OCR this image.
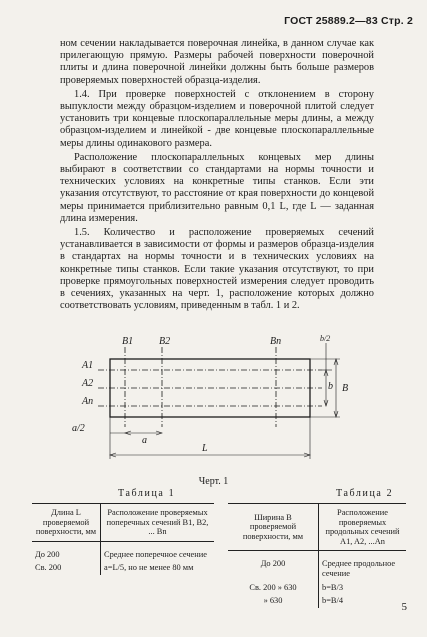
ГОСТ 25889.2—83 Стр. 2

ном сечении накладывается поверочная линейка, в данном случае как прилегающую прямую. Размеры рабочей поверхности поверочной плиты и длина поверочной линейки должны быть больше размеров проверяемых поверхностей образца-изделия.

1.4. При проверке поверхностей с отклонением в сторону выпуклости между образцом-изделием и поверочной плитой следует установить три концевые плоскопараллельные меры длины, а между образцом-изделием и линейкой - две концевые плоскопараллельные меры длины одинакового размера.

Расположение плоскопараллельных концевых мер длины выбирают в соответствии со стандартами на нормы точности и технических условиях на конкретные типы станков. Если эти указания отсутствуют, то расстояние от края поверхности до концевой меры принимается приблизительно равным 0,1 L, где L — заданная длина измерения.

1.5. Количество и расположение проверяемых сечений устанавливается в зависимости от формы и размеров образца-изделия в стандартах на нормы точности и в технических условиях на конкретные типы станков. Если такие указания отсутствуют, то при проверке прямоугольных поверхностей измерения следует проводить в сечениях, указанных на черт. 1, расположение которых должно соответствовать условиям, приведенным в табл. 1 и 2.

B1	B2	Bn	b/2
A1
A2
An
b B
a/2
a
L
Черт. 1
Таблица 1	Таблица 2
Длина L проверяемой поверхности, мм	Расположение проверяемых поперечных сечений B1, B2, ... Bn
До 200	Среднее поперечное сечение
Св. 200	a=L/5, но не менее 80 мм
Ширина B проверяемой поверхности, мм	Расположение проверяемых продольных сечений A1, A2, ...An
До 200	Среднее продольное сечение
Св. 200 » 630	b=B/3
» 630	b=B/4
5
